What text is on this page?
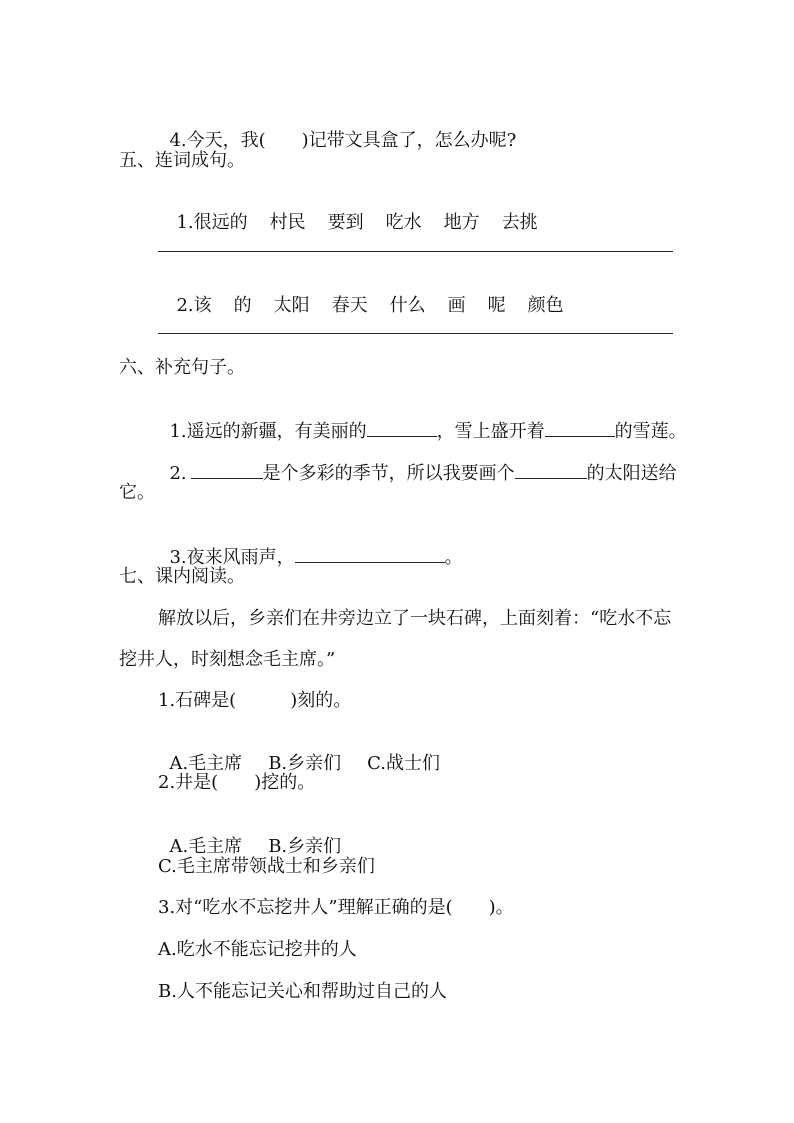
4.今天，我(　　)记带文具盒了，怎么办呢?

五、连词成句。

1.很远的 村民 要到 吃水 地方 去挑

2.该 的 太阳 春天 什么 画 呢 颜色

六、补充句子。

1.遥远的新疆，有美丽的	，雪上盛开着	的雪莲。

2.	是个多彩的季节，所以我要画个	的太阳送给

它。

3.夜来风雨声，	。

七、课内阅读。
解放以后，乡亲们在井旁边立了一块石碑，上面刻着：“吃水不忘
挖井人，时刻想念毛主席。”
1.石碑是(　　　)刻的。

A.毛主席 B.乡亲们 C.战士们

2.井是(　　)挖的。

A.毛主席 B.乡亲们

C.毛主席带领战士和乡亲们
3.对“吃水不忘挖井人”理解正确的是(　　)。
A.吃水不能忘记挖井的人
B.人不能忘记关心和帮助过自己的人
